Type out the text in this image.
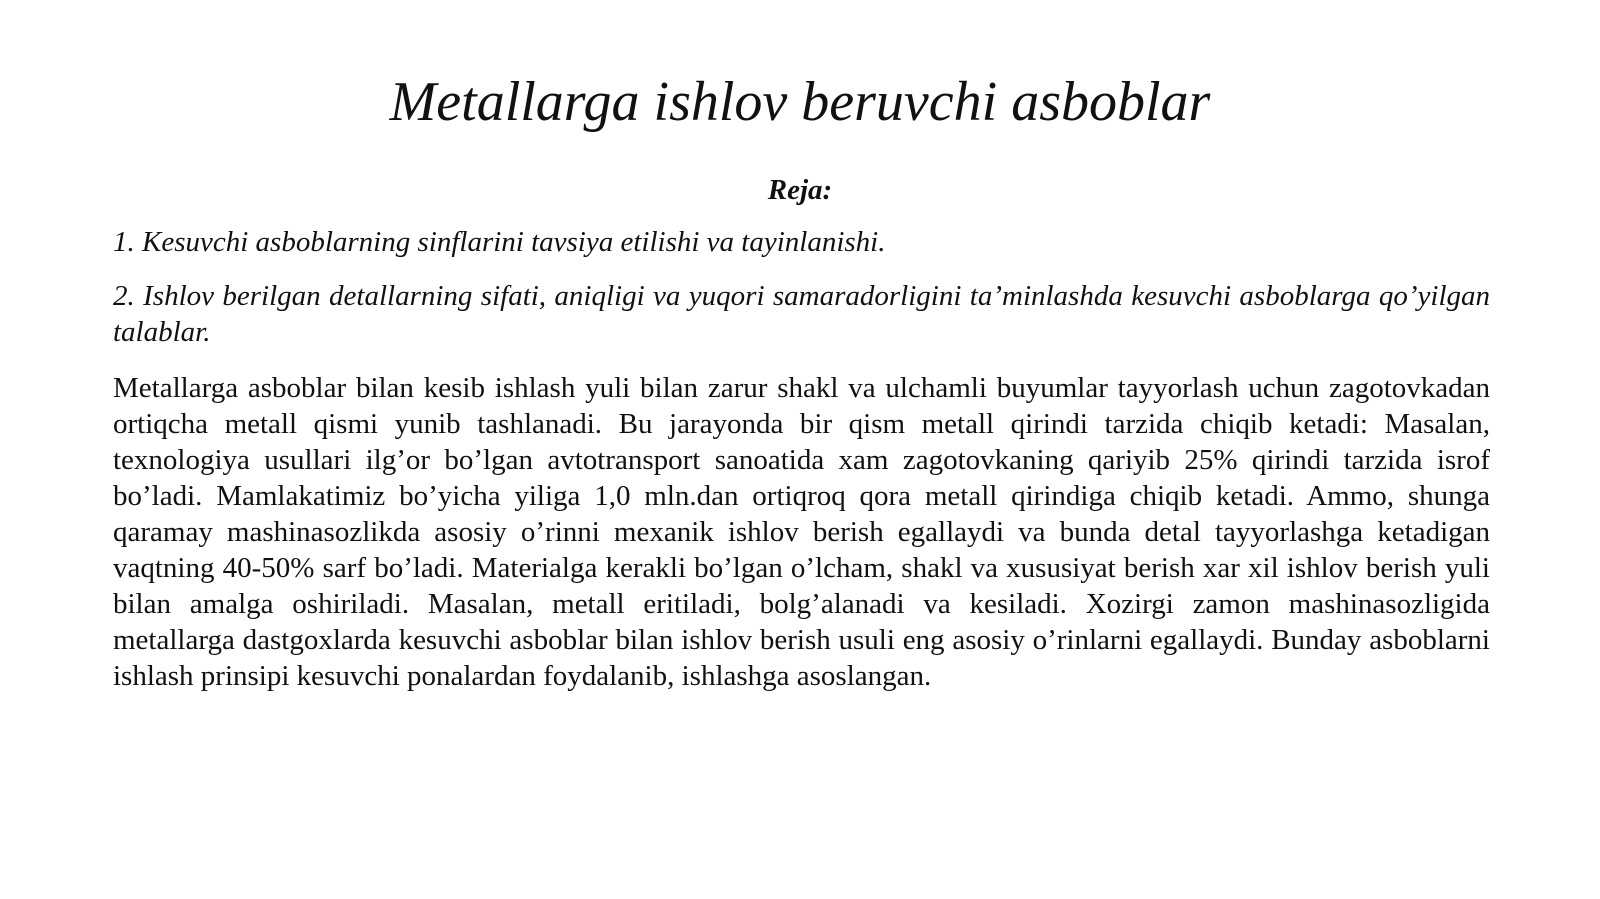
Metallarga ishlov beruvchi asboblar
Reja:
1. Kesuvchi asboblarning sinflarini tavsiya etilishi va tayinlanishi.
2. Ishlov berilgan detallarning sifati, aniqligi va yuqori samaradorligini ta’minlashda kesuvchi asboblarga qo’yilgan talablar.

Metallarga asboblar bilan kesib ishlash yuli bilan zarur shakl va ulchamli buyumlar tayyorlash uchun zagotovkadan ortiqcha metall qismi yunib tashlanadi. Bu jarayonda bir qism metall qirindi tarzida chiqib ketadi: Masalan, texnologiya usullari ilg’or bo’lgan avtotransport sanoatida xam zagotovkaning qariyib 25% qirindi tarzida isrof bo’ladi. Mamlakatimiz bo’yicha yiliga 1,0 mln.dan ortiqroq qora metall qirindiga chiqib ketadi. Ammo, shunga qaramay mashinasozlikda asosiy o’rinni mexanik ishlov berish egallaydi va bunda detal tayyorlashga ketadigan vaqtning 40-50% sarf bo’ladi. Materialga kerakli bo’lgan o’lcham, shakl va xususiyat berish xar xil ishlov berish yuli bilan amalga oshiriladi. Masalan, metall eritiladi, bolg’alanadi va kesiladi. Xozirgi zamon mashinasozligida metallarga dastgoxlarda kesuvchi asboblar bilan ishlov berish usuli eng asosiy o’rinlarni egallaydi. Bunday asboblarni ishlash prinsipi kesuvchi ponalardan foydalanib, ishlashga asoslangan.
